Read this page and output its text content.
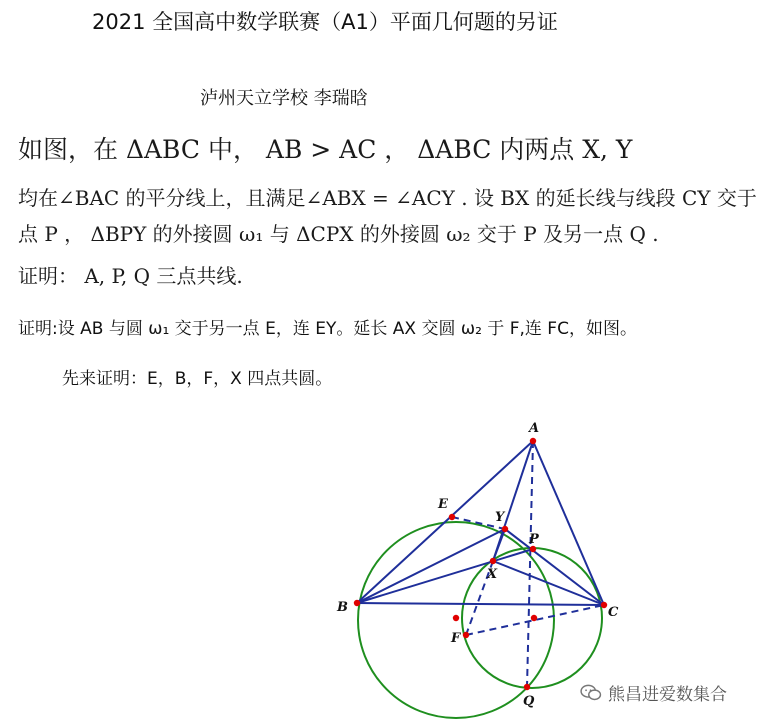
2021 全国高中数学联赛（A1）平面几何题的另证
泸州天立学校 李瑞晗
如图，在 ΔABC 中， AB > AC ， ΔABC 内两点 X, Y
均在∠BAC 的平分线上，且满足∠ABX = ∠ACY . 设 BX 的延长线与线段 CY 交于
点 P ， ΔBPY 的外接圆 ω₁ 与 ΔCPX 的外接圆 ω₂ 交于 P 及另一点 Q .
证明： A, P, Q 三点共线.
证明:设 AB 与圆 ω₁ 交于另一点 E，连 EY。延长 AX 交圆 ω₂ 于 F,连 FC，如图。
先来证明：E，B，F，X 四点共圆。
A
B	C
E
Y
P
X
F
Q	熊昌进爱数集合
